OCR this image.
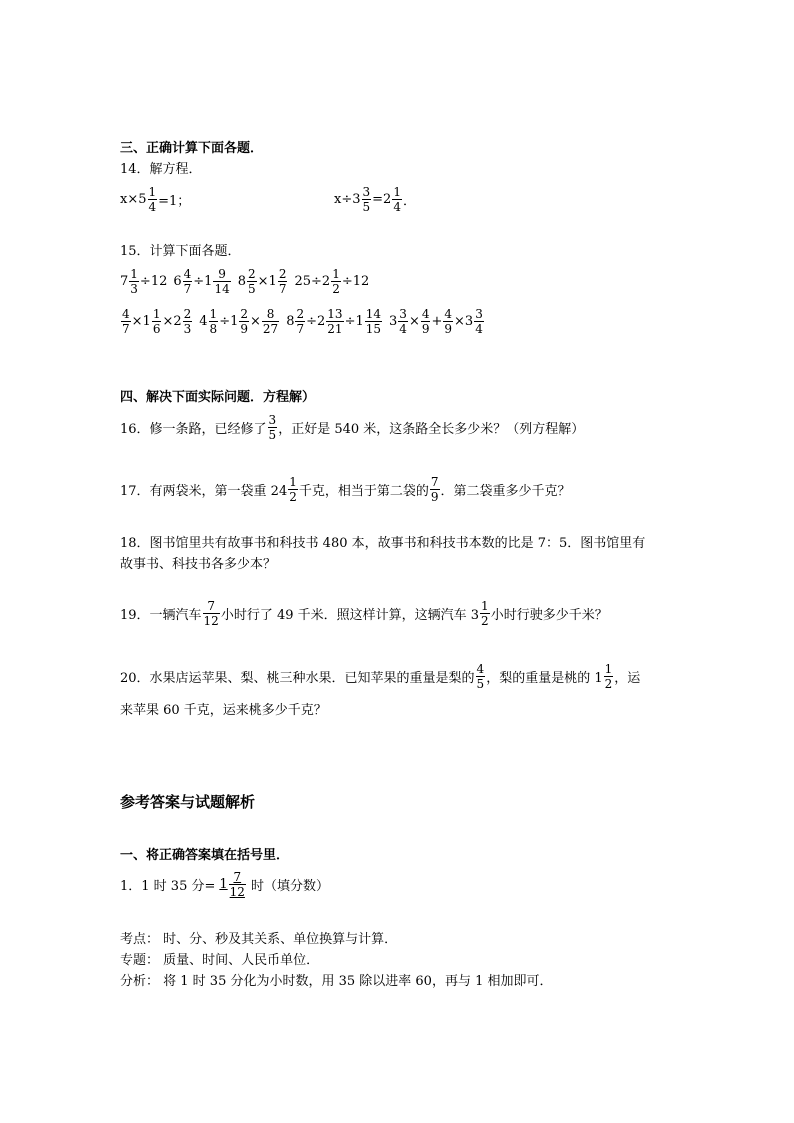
三、正确计算下面各题．
14．解方程．
$x\times 5 \frac{1}{4} =1$；	$x\div 3 \frac{3}{5} =2 \frac{1}{4}$ ．
15．计算下面各题．
$7 \frac{1}{3} \div 12$ $6 \frac{4}{7} \div 1 \frac{9}{14} 8 \frac{2}{5} \times 1 \frac{2}{7} 25\div 2 \frac{1}{2} \div 12$
$\frac{4}{7} \times 1 \frac{1}{6} \times 2 \frac{2}{3} 4 \frac{1}{8} \div 1 \frac{2}{9} \times \frac{8}{27} 8 \frac{2}{7} \div 2 \frac{13}{21} \div 1 \frac{14}{15} 3 \frac{3}{4} \times \frac{4}{9} + \frac{4}{9} \times 3 \frac{3}{4}$
四、解决下面实际问题．方程解）
16．修一条路，已经修了 $\frac{3}{5}$ ，正好是 540 米，这条路全长多少米？（列方程解）
17．有两袋米，第一袋重 $24 \frac{1}{2}$ 千克，相当于第二袋的 $\frac{7}{9}$ ．第二袋重多少千克？
18．图书馆里共有故事书和科技书 480 本，故事书和科技书本数的比是 7：5．图书馆里有
故事书、科技书各多少本？
19．一辆汽车 $\frac{7}{12}$ 小时行了 49 千米．照这样计算，这辆汽车 $3 \frac{1}{2}$ 小时行驶多少千米？
20．水果店运苹果、梨、桃三种水果．已知苹果的重量是梨的 $\frac{4}{5}$ ，梨的重量是桃的 $1 \frac{1}{2}$ ，运
来苹果 60 千克，运来桃多少千克？
参考答案与试题解析
一、将正确答案填在括号里．
1．1 时 35 分= $1 \frac{7}{12}$ 时（填分数）
考点： 时、分、秒及其关系、单位换算与计算．
专题： 质量、时间、人民币单位．
分析： 将 1 时 35 分化为小时数，用 35 除以进率 60，再与 1 相加即可．
